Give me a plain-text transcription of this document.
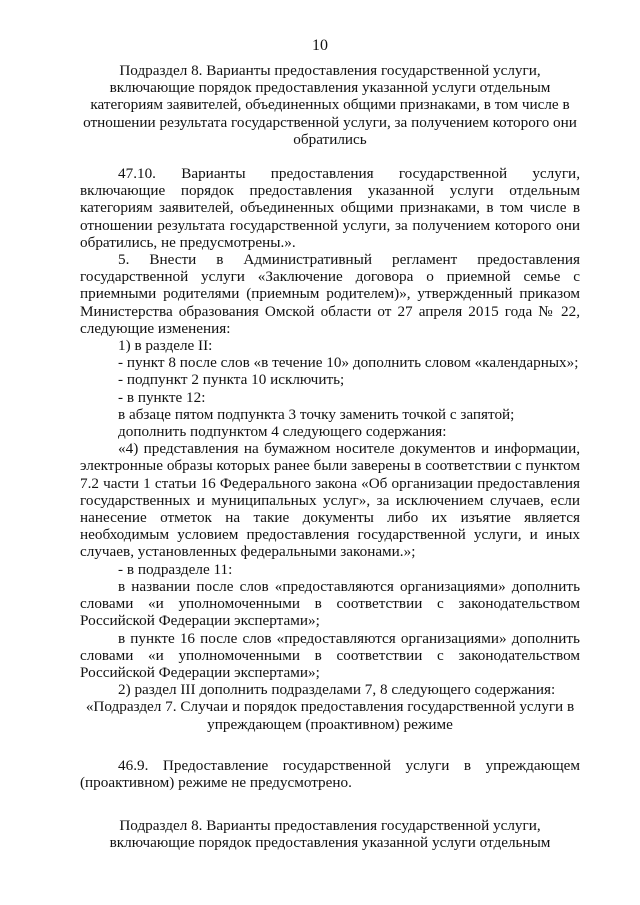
10

Подраздел 8. Варианты предоставления государственной услуги, включающие порядок предоставления указанной услуги отдельным категориям заявителей, объединенных общими признаками, в том числе в отношении результата государственной услуги, за получением которого они обратились

47.10. Варианты предоставления государственной услуги, включающие порядок предоставления указанной услуги отдельным категориям заявителей, объединенных общими признаками, в том числе в отношении результата государственной услуги, за получением которого они обратились, не предусмотрены.».

5. Внести в Административный регламент предоставления государственной услуги «Заключение договора о приемной семье с приемными родителями (приемным родителем)», утвержденный приказом Министерства образования Омской области от 27 апреля 2015 года № 22, следующие изменения:

1) в разделе II:

- пункт 8 после слов «в течение 10» дополнить словом «календарных»;

- подпункт 2 пункта 10 исключить;

- в пункте 12:

в абзаце пятом подпункта 3 точку заменить точкой с запятой;

дополнить подпунктом 4 следующего содержания:

«4) представления на бумажном носителе документов и информации, электронные образы которых ранее были заверены в соответствии с пунктом 7.2 части 1 статьи 16 Федерального закона «Об организации предоставления государственных и муниципальных услуг», за исключением случаев, если нанесение отметок на такие документы либо их изъятие является необходимым условием предоставления государственной услуги, и иных случаев, установленных федеральными законами.»;

- в подразделе 11:

в названии после слов «предоставляются организациями» дополнить словами «и уполномоченными в соответствии с законодательством Российской Федерации экспертами»;

в пункте 16 после слов «предоставляются организациями» дополнить словами «и уполномоченными в соответствии с законодательством Российской Федерации экспертами»;

2) раздел III дополнить подразделами 7, 8 следующего содержания:

«Подраздел 7. Случаи и порядок предоставления государственной услуги в упреждающем (проактивном) режиме

46.9. Предоставление государственной услуги в упреждающем (проактивном) режиме не предусмотрено.

Подраздел 8. Варианты предоставления государственной услуги, включающие порядок предоставления указанной услуги отдельным
